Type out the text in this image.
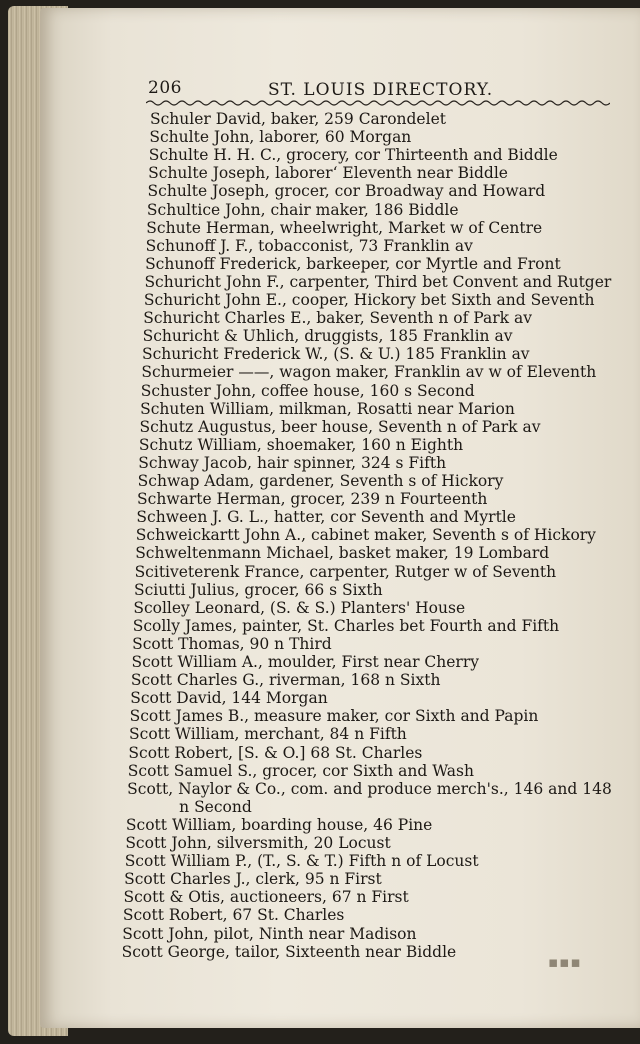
206	ST. LOUIS DIRECTORY.
Schuler David, baker, 259 Carondelet
Schulte John, laborer, 60 Morgan
Schulte H. H. C., grocery, cor Thirteenth and Biddle
Schulte Joseph, laborer‘ Eleventh near Biddle
Schulte Joseph, grocer, cor Broadway and Howard
Schultice John, chair maker, 186 Biddle
Schute Herman, wheelwright, Market w of Centre
Schunoff J. F., tobacconist, 73 Franklin av
Schunoff Frederick, barkeeper, cor Myrtle and Front
Schuricht John F., carpenter, Third bet Convent and Rutger
Schuricht John E., cooper, Hickory bet Sixth and Seventh
Schuricht Charles E., baker, Seventh n of Park av
Schuricht & Uhlich, druggists, 185 Franklin av
Schuricht Frederick W., (S. & U.) 185 Franklin av
Schurmeier ——, wagon maker, Franklin av w of Eleventh
Schuster John, coffee house, 160 s Second
Schuten William, milkman, Rosatti near Marion
Schutz Augustus, beer house, Seventh n of Park av
Schutz William, shoemaker, 160 n Eighth
Schway Jacob, hair spinner, 324 s Fifth
Schwap Adam, gardener, Seventh s of Hickory
Schwarte Herman, grocer, 239 n Fourteenth
Schween J. G. L., hatter, cor Seventh and Myrtle
Schweickartt John A., cabinet maker, Seventh s of Hickory
Schweltenmann Michael, basket maker, 19 Lombard
Scitiveterenk France, carpenter, Rutger w of Seventh
Sciutti Julius, grocer, 66 s Sixth
Scolley Leonard, (S. & S.) Planters' House
Scolly James, painter, St. Charles bet Fourth and Fifth
Scott Thomas, 90 n Third
Scott William A., moulder, First near Cherry
Scott Charles G., riverman, 168 n Sixth
Scott David, 144 Morgan
Scott James B., measure maker, cor Sixth and Papin
Scott William, merchant, 84 n Fifth
Scott Robert, [S. & O.] 68 St. Charles
Scott Samuel S., grocer, cor Sixth and Wash
Scott, Naylor & Co., com. and produce merch's., 146 and 148
n Second
Scott William, boarding house, 46 Pine
Scott John, silversmith, 20 Locust
Scott William P., (T., S. & T.) Fifth n of Locust
Scott Charles J., clerk, 95 n First
Scott & Otis, auctioneers, 67 n First
Scott Robert, 67 St. Charles
Scott John, pilot, Ninth near Madison
Scott George, tailor, Sixteenth near Biddle
▪▪▪
